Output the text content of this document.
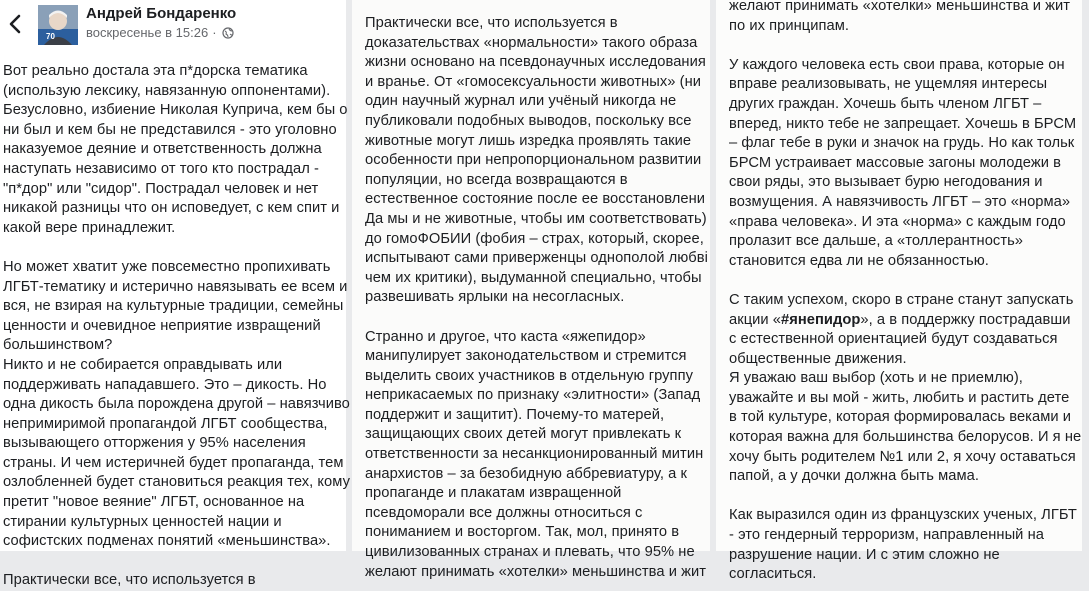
70
Андрей Бондаренко
воскресенье в 15:26 ·
Вот реально достала эта п*дорска тематика
(использую лексику, навязанную оппонентами).
Безусловно, избиение Николая Куприча, кем бы о
ни был и кем бы не представился - это уголовно
наказуемое деяние и ответственность должна
наступать независимо от того кто пострадал -
"п*дор" или "сидор". Пострадал человек и нет
никакой разницы что он исповедует, с кем спит и
какой вере принадлежит.
Но может хватит уже повсеместно пропихивать
ЛГБТ-тематику и истерично навязывать ее всем и
вся, не взирая на культурные традиции, семейны
ценности и очевидное неприятие извращений
большинством?
Никто и не собирается оправдывать или
поддерживать нападавшего. Это – дикость. Но
одна дикость была порождена другой – навязчиво
непримиримой пропагандой ЛГБТ сообщества,
вызывающего отторжения у 95% населения
страны. И чем истеричней будет пропаганда, тем
озлобленней будет становиться реакция тех, кому
претит "новое веяние" ЛГБТ, основанное на
стирании культурных ценностей нации и
софистских подменах понятий «меньшинства».
Практически все, что используется в
Практически все, что используется в
доказательствах «нормальности» такого образа
жизни основано на псевдонаучных исследования
и вранье. От «гомосексуальности животных» (ни
один научный журнал или учёный никогда не
публиковали подобных выводов, поскольку все
животные могут лишь изредка проявлять такие
особенности при непропорциональном развитии
популяции, но всегда возвращаются в
естественное состояние после ее восстановлени
Да мы и не животные, чтобы им соответствовать)
до гомоФОБИИ (фобия – страх, который, скорее,
испытывают сами приверженцы однополой любві
чем их критики), выдуманной специально, чтобы
развешивать ярлыки на несогласных.
Странно и другое, что каста «яжепидор»
манипулирует законодательством и стремится
выделить своих участников в отдельную группу
неприкасаемых по признаку «элитности» (Запад
поддержит и защитит). Почему-то матерей,
защищающих своих детей могут привлекать к
ответственности за несанкционированный митин
анархистов – за безобидную аббревиатуру, а к
пропаганде и плакатам извращенной
псевдоморали все должны относиться с
пониманием и восторгом. Так, мол, принято в
цивилизованных странах и плевать, что 95% не
желают принимать «хотелки» меньшинства и жит
желают принимать «хотелки» меньшинства и жит
по их принципам.
У каждого человека есть свои права, которые он
вправе реализовывать, не ущемляя интересы
других граждан. Хочешь быть членом ЛГБТ –
вперед, никто тебе не запрещает. Хочешь в БРСМ
– флаг тебе в руки и значок на грудь. Но как тольк
БРСМ устраивает массовые загоны молодежи в
свои ряды, это вызывает бурю негодования и
возмущения. А навязчивость ЛГБТ – это «норма»
«права человека». И эта «норма» с каждым годо
пролазит все дальше, а «толлерантность»
становится едва ли не обязанностью.
С таким успехом, скоро в стране станут запускать
акции «#янепидор», а в поддержку пострадавши
с естественной ориентацией будут создаваться
общественные движения.
Я уважаю ваш выбор (хоть и не приемлю),
уважайте и вы мой - жить, любить и растить дете
в той культуре, которая формировалась веками и
которая важна для большинства белорусов. И я не
хочу быть родителем №1 или 2, я хочу оставаться
папой, а у дочки должна быть мама.
Как выразился один из французских ученых, ЛГБТ
- это гендерный терроризм, направленный на
разрушение нации. И с этим сложно не
согласиться.
